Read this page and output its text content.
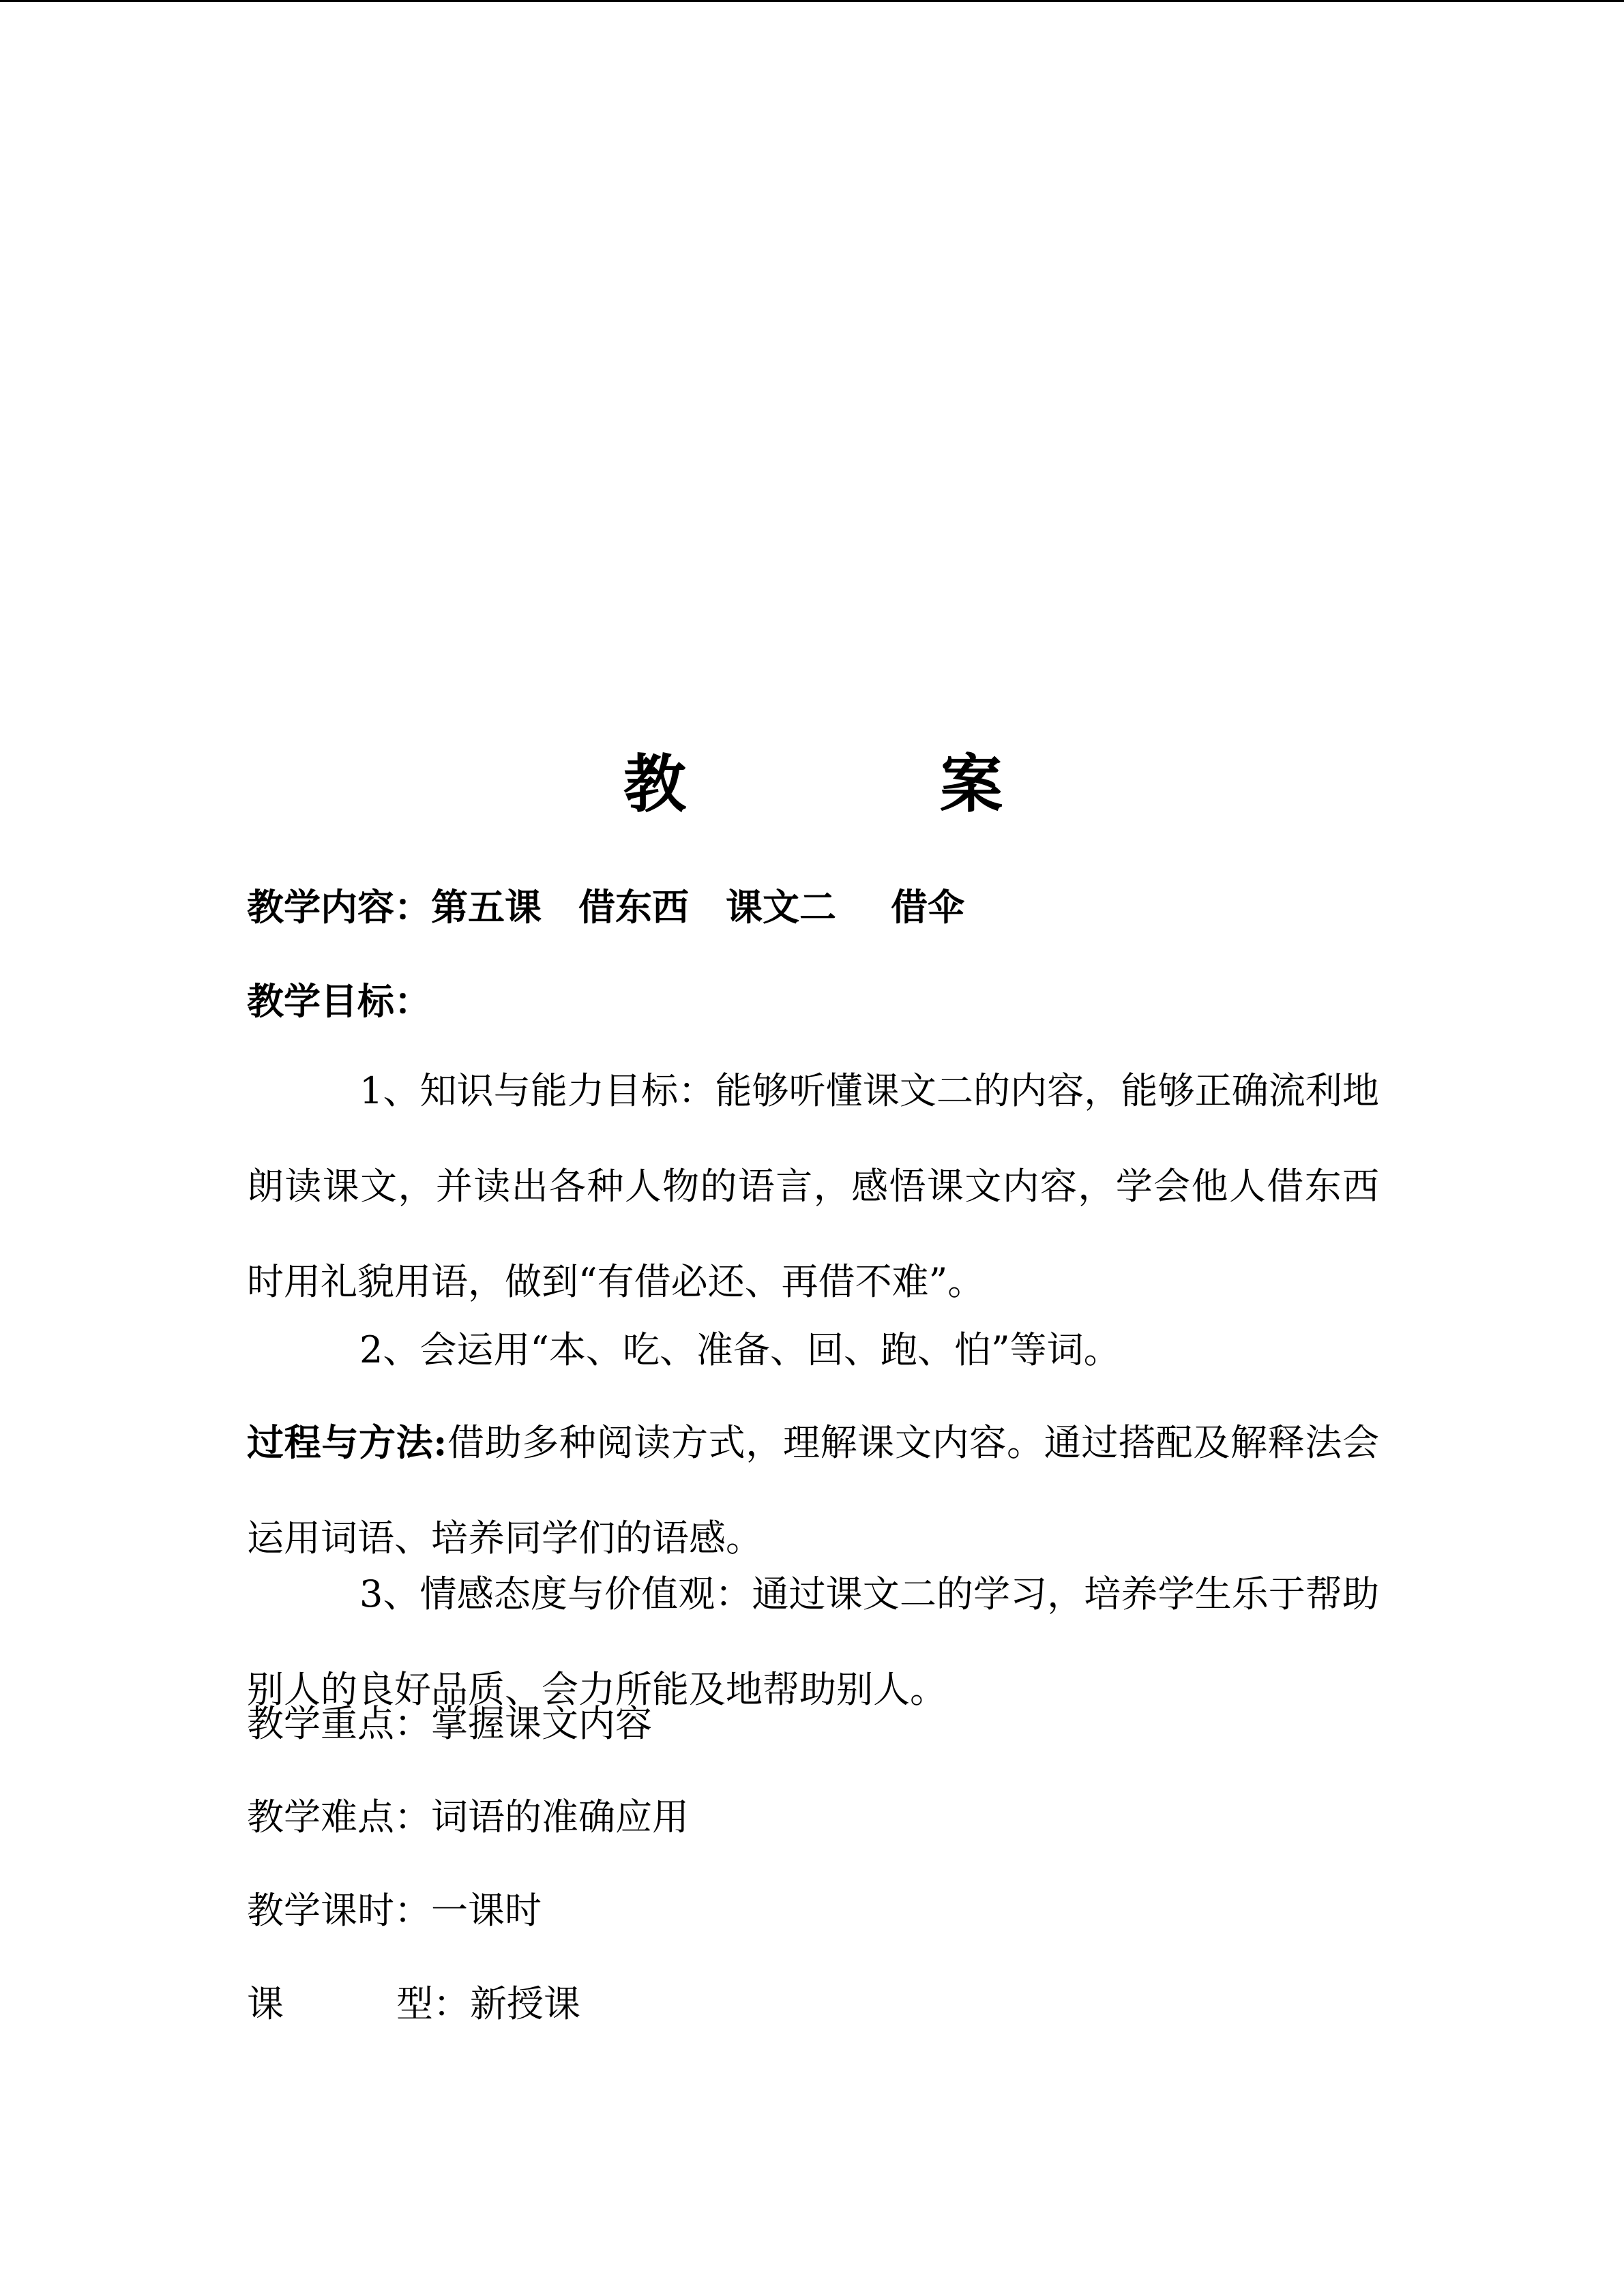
教　案
教学内容：第五课 借东西 课文二 借伞
教学目标：
1、知识与能力目标：能够听懂课文二的内容，能够正确流利地朗读课文，并读出各种人物的语言，感悟课文内容，学会他人借东西时用礼貌用语，做到“有借必还、再借不难”。
2、会运用“本、吃、准备、回、跑、怕”等词。
过程与方法:借助多种阅读方式，理解课文内容。通过搭配及解释法会运用词语、培养同学们的语感。
3、情感态度与价值观：通过课文二的学习，培养学生乐于帮助别人的良好品质、会力所能及地帮助别人。
教学重点：掌握课文内容
教学难点：词语的准确应用
教学课时：一课时
课	型：新授课
